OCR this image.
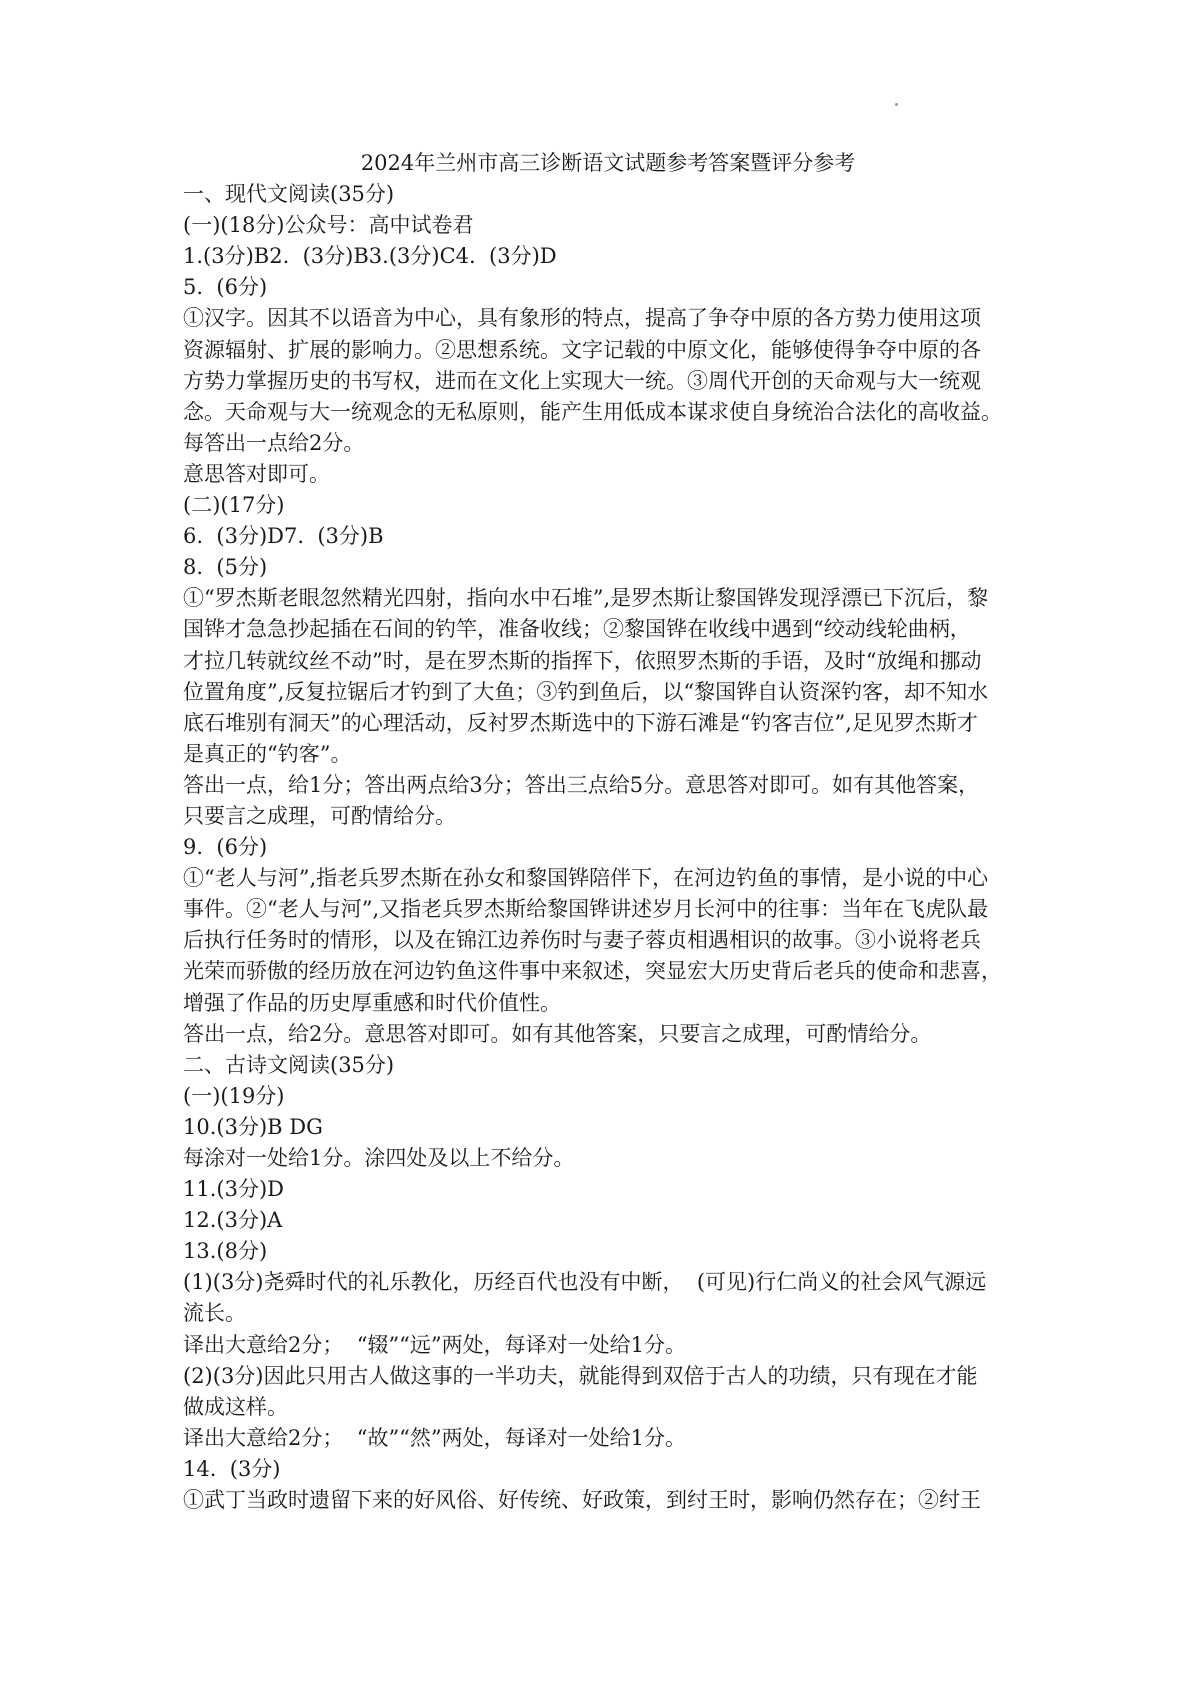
2024年兰州市高三诊断语文试题参考答案暨评分参考

一、现代文阅读(35分)

(一)(18分)公众号：高中试卷君

1.(3分)B2.  (3分)B3.(3分)C4.  (3分)D

5.  (6分)

①汉字。因其不以语音为中心，具有象形的特点，提高了争夺中原的各方势力使用这项

资源辐射、扩展的影响力。②思想系统。文字记载的中原文化，能够使得争夺中原的各

方势力掌握历史的书写权，进而在文化上实现大一统。③周代开创的天命观与大一统观

念。天命观与大一统观念的无私原则，能产生用低成本谋求使自身统治合法化的高收益。

每答出一点给2分。

意思答对即可。

(二)(17分)

6.  (3分)D7.  (3分)B

8.  (5分)

①“罗杰斯老眼忽然精光四射，指向水中石堆”,是罗杰斯让黎国铧发现浮漂已下沉后，黎

国铧才急急抄起插在石间的钓竿，准备收线；②黎国铧在收线中遇到“绞动线轮曲柄，

才拉几转就纹丝不动”时，是在罗杰斯的指挥下，依照罗杰斯的手语，及时“放绳和挪动

位置角度”,反复拉锯后才钓到了大鱼；③钓到鱼后，以“黎国铧自认资深钓客，却不知水

底石堆别有洞天”的心理活动，反衬罗杰斯选中的下游石滩是“钓客吉位”,足见罗杰斯才

是真正的“钓客”。

答出一点，给1分；答出两点给3分；答出三点给5分。意思答对即可。如有其他答案，

只要言之成理，可酌情给分。

9.  (6分)

①“老人与河”,指老兵罗杰斯在孙女和黎国铧陪伴下，在河边钓鱼的事情，是小说的中心

事件。②“老人与河”,又指老兵罗杰斯给黎国铧讲述岁月长河中的往事：当年在飞虎队最

后执行任务时的情形，以及在锦江边养伤时与妻子蓉贞相遇相识的故事。③小说将老兵

光荣而骄傲的经历放在河边钓鱼这件事中来叙述，突显宏大历史背后老兵的使命和悲喜，

增强了作品的历史厚重感和时代价值性。

答出一点，给2分。意思答对即可。如有其他答案，只要言之成理，可酌情给分。

二、古诗文阅读(35分)

(一)(19分)

10.(3分)B DG

每涂对一处给1分。涂四处及以上不给分。

11.(3分)D

12.(3分)A

13.(8分)

(1)(3分)尧舜时代的礼乐教化，历经百代也没有中断，  (可见)行仁尚义的社会风气源远

流长。

译出大意给2分；  “辍”“远”两处，每译对一处给1分。

(2)(3分)因此只用古人做这事的一半功夫，就能得到双倍于古人的功绩，只有现在才能

做成这样。

译出大意给2分；  “故”“然”两处，每译对一处给1分。

14.  (3分)

①武丁当政时遗留下来的好风俗、好传统、好政策，到纣王时，影响仍然存在；②纣王
